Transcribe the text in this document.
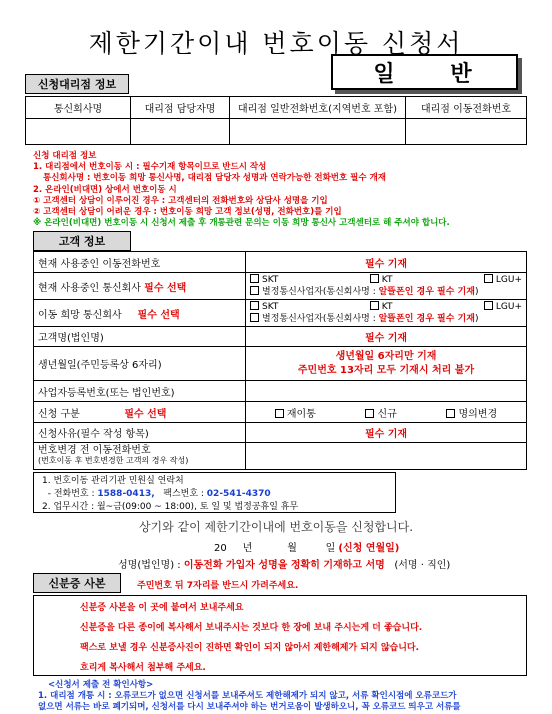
제한기간이내 번호이동 신청서
일 반
신청대리점 정보
통신회사명	대리점 담당자명	대리점 일반전화번호(지역번호 포함)	대리점 이동전화번호

신청 대리점 정보
1. 대리점에서 번호이동 시 : 필수기재 항목이므로 반드시 작성
통신회사명 : 번호이동 희망 통신사명, 대리점 담당자 성명과 연락가능한 전화번호 필수 개재
2. 온라인(비대면) 상에서 번호이동 시
① 고객센터 상담이 이루어진 경우 : 고객센터의 전화번호와 상담사 성명을 기입
② 고객센터 상담이 어려운 경우 : 번호이동 희망 고객 정보(성명, 전화번호)를 기입
※ 온라인(비대면) 번호이동 시 신청서 제출 후 개통관련 문의는 이동 희망 통신사 고객센터로 해 주셔야 합니다.
고객 정보
현재 사용중인 이동전화번호	필수 기재
현재 사용중인 통신회사 필수 선택	SKT KT LGU+
별정통신사업자(통신회사명 : 알뜰폰인 경우 필수 기재)

이동 희망 통신회사 필수 선택	SKT KT LGU+
별정통신사업자(통신회사명 : 알뜰폰인 경우 필수 기재)

고객명(법인명)	필수 기재
생년월일(주민등록상 6자리)	생년월일 6자리만 기재
주민번호 13자리 모두 기재시 처리 불가

사업자등록번호(또는 법인번호)	
신청 구분 필수 선택	재이통 신규 명의변경

신청사유(필수 작성 항목)	필수 기재

번호변경 전 이동전화번호
(번호이동 후 번호변경한 고객의 경우 작성)	

1. 번호이동 관리기관 민원실 연락처
- 전화번호 : 1588-0413, 팩스번호 : 02-541-4370
2. 업무시간 : 월~금(09:00 ~ 18:00), 토 일 및 법정공휴일 휴무
상기와 같이 제한기간이내에 번호이동을 신청합니다.
20 년	월	일 (신청 연월일)
성명(법인명) : 이동전화 가입자 성명을 정확히 기재하고 서명 (서명 · 직인)
신분증 사본	주민번호 뒤 7자리를 반드시 가려주세요.
신분증 사본을 이 곳에 붙여서 보내주세요
신분증을 다른 종이에 복사해서 보내주시는 것보다 한 장에 보내 주시는게 더 좋습니다.
팩스로 보낼 경우 신분증사진이 진하면 확인이 되지 않아서 제한해제가 되지 않습니다.
흐리게 복사해서 첨부해 주세요.
<신청서 제출 전 확인사항>
1. 대리점 개통 시 : 오류코드가 없으면 신청서를 보내주셔도 제한해제가 되지 않고, 서류 확인시점에 오류코드가
없으면 서류는 바로 폐기되며, 신청서를 다시 보내주셔야 하는 번거로움이 발생하오니, 꼭 오류코드 띄우고 서류를
